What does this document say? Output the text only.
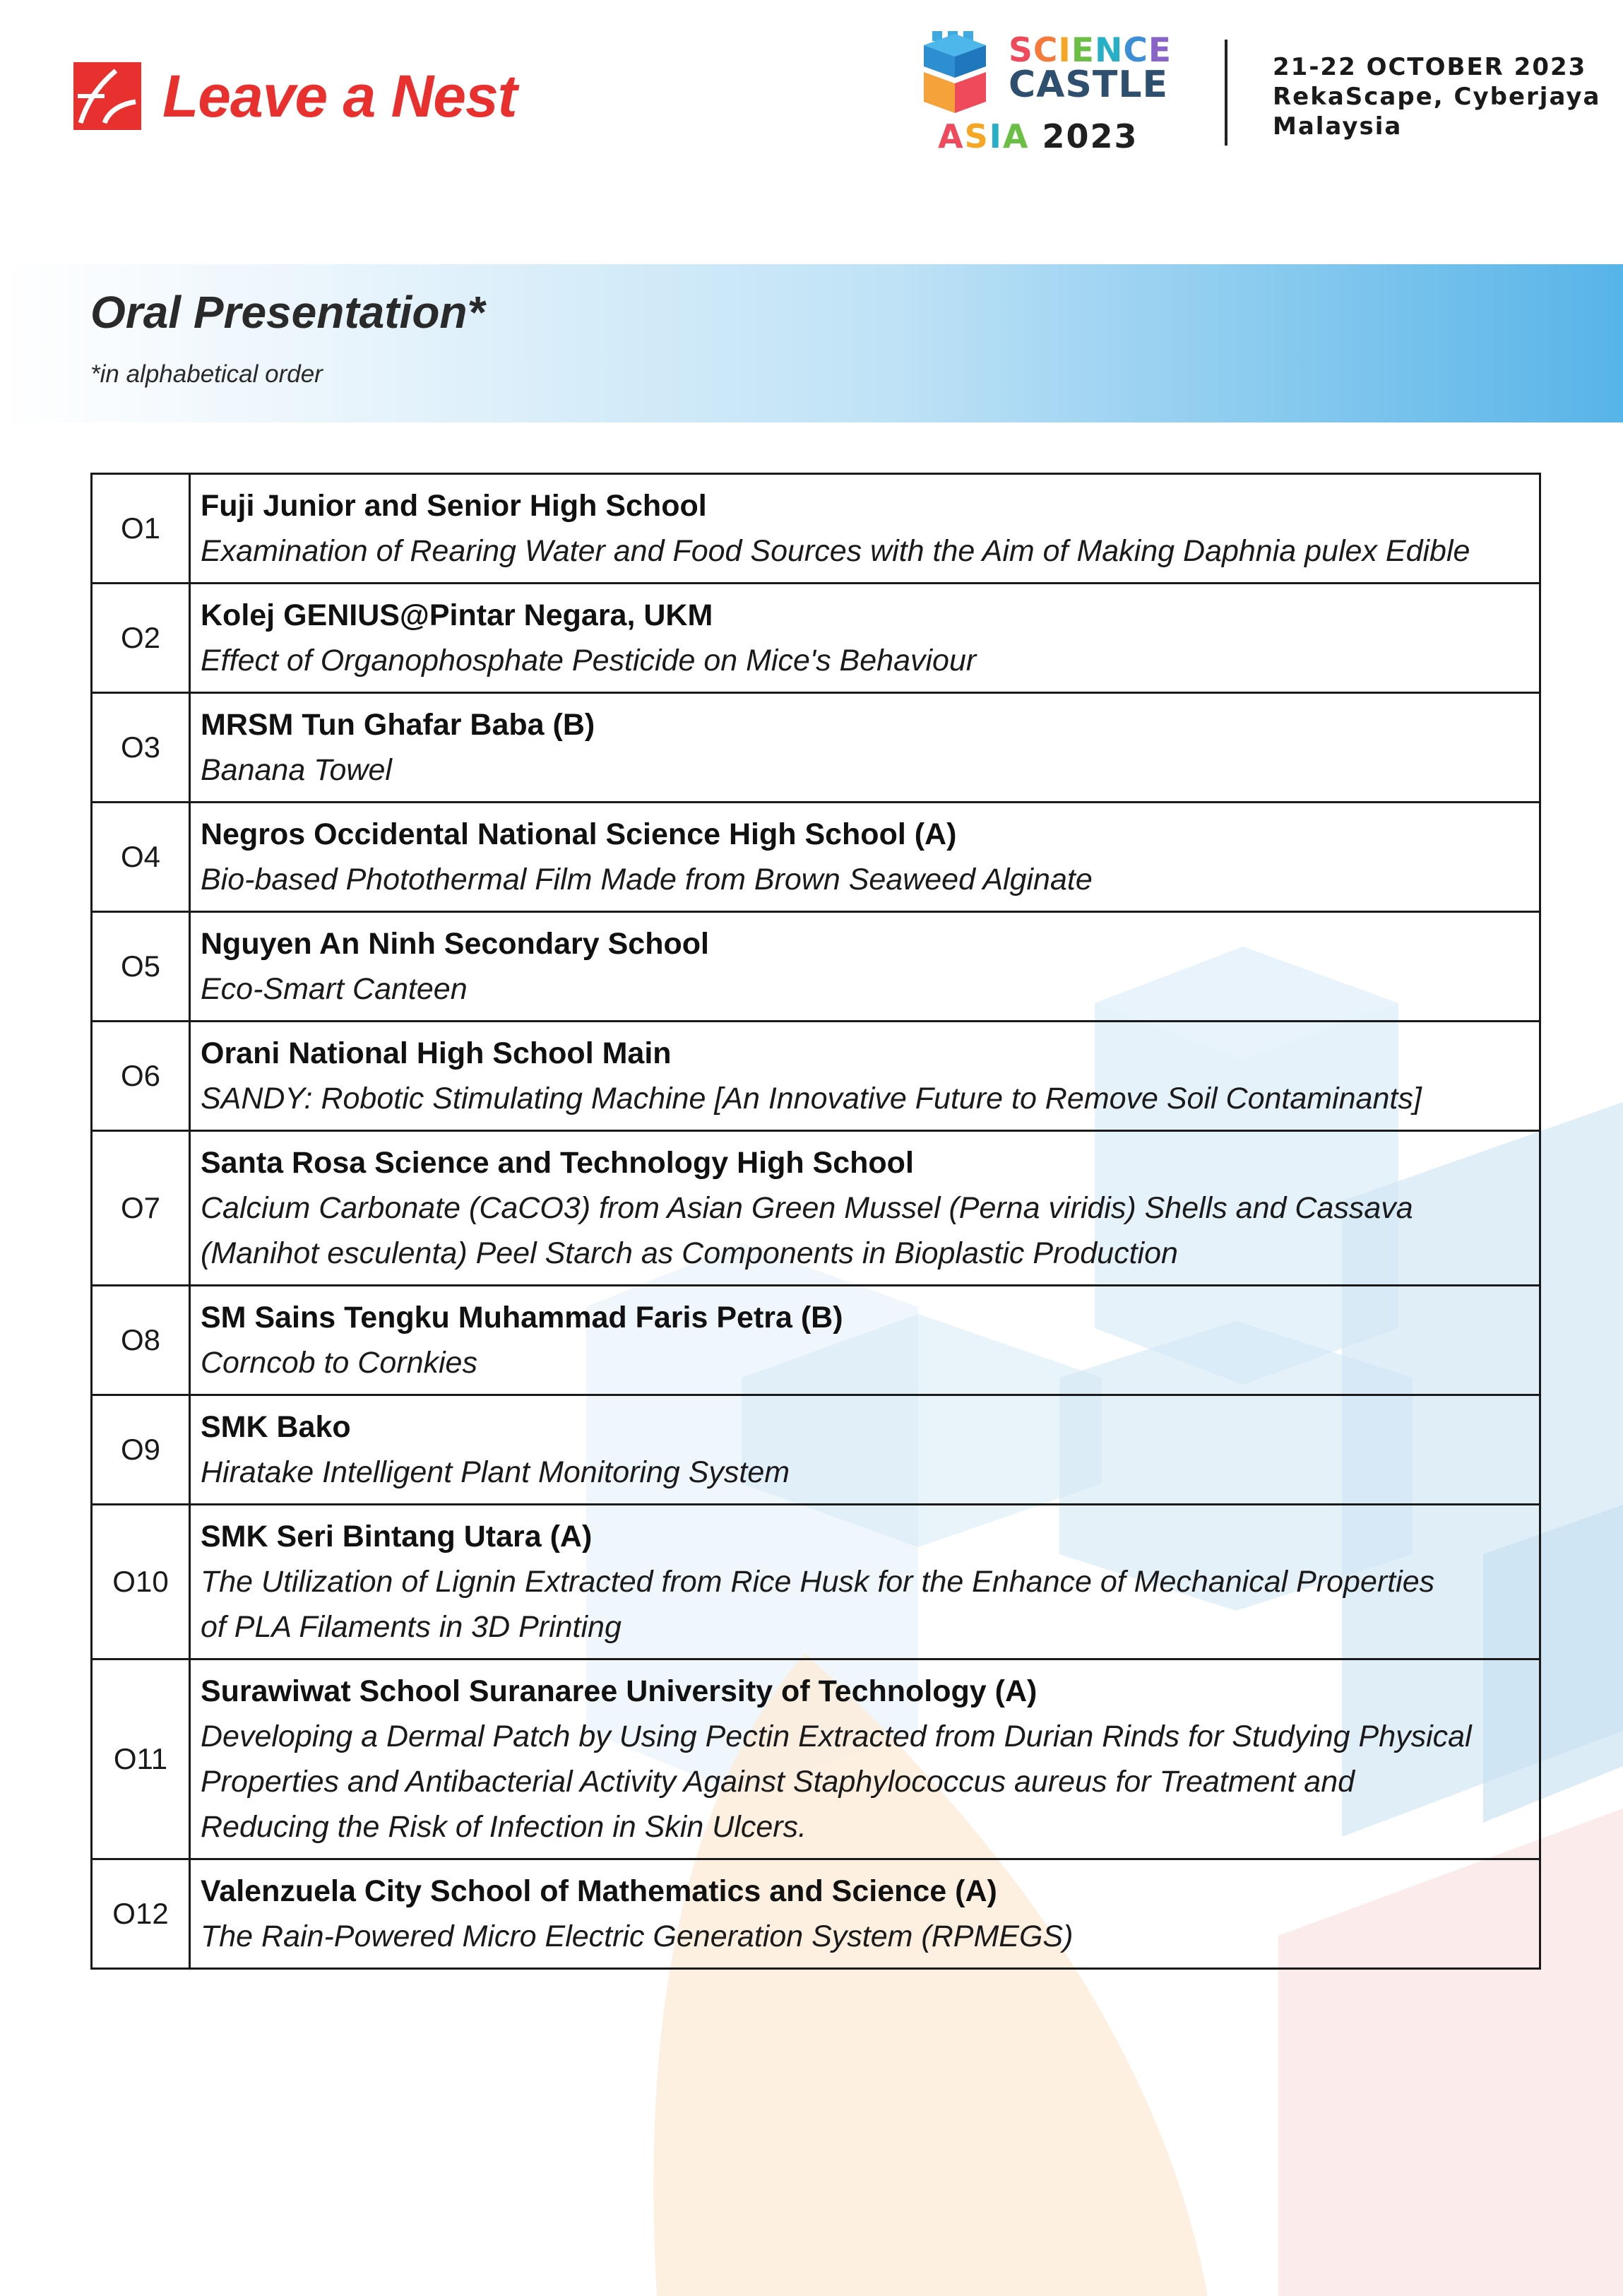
Leave a Nest
SCIENCE
CASTLE
ASIA 2023
21-22 OCTOBER 2023
RekaScape, Cyberjaya
Malaysia
Oral Presentation*
*in alphabetical order
O1	Fuji Junior and Senior High School
Examination of Rearing Water and Food Sources with the Aim of Making Daphnia pulex Edible

O2	Kolej GENIUS@Pintar Negara, UKM
Effect of Organophosphate Pesticide on Mice's Behaviour

O3	MRSM Tun Ghafar Baba (B)
Banana Towel

O4	Negros Occidental National Science High School (A)
Bio-based Photothermal Film Made from Brown Seaweed Alginate

O5	Nguyen An Ninh Secondary School
Eco-Smart Canteen

O6	Orani National High School Main
SANDY: Robotic Stimulating Machine [An Innovative Future to Remove Soil Contaminants]

O7	Santa Rosa Science and Technology High School
Calcium Carbonate (CaCO3) from Asian Green Mussel (Perna viridis) Shells and Cassava
(Manihot esculenta) Peel Starch as Components in Bioplastic Production

O8	SM Sains Tengku Muhammad Faris Petra (B)
Corncob to Cornkies

O9	SMK Bako
Hiratake Intelligent Plant Monitoring System

O10	SMK Seri Bintang Utara (A)
The Utilization of Lignin Extracted from Rice Husk for the Enhance of Mechanical Properties
of PLA Filaments in 3D Printing

O11	Surawiwat School Suranaree University of Technology (A)
Developing a Dermal Patch by Using Pectin Extracted from Durian Rinds for Studying Physical
Properties and Antibacterial Activity Against Staphylococcus aureus for Treatment and
Reducing the Risk of Infection in Skin Ulcers.

O12	Valenzuela City School of Mathematics and Science (A)
The Rain-Powered Micro Electric Generation System (RPMEGS)
